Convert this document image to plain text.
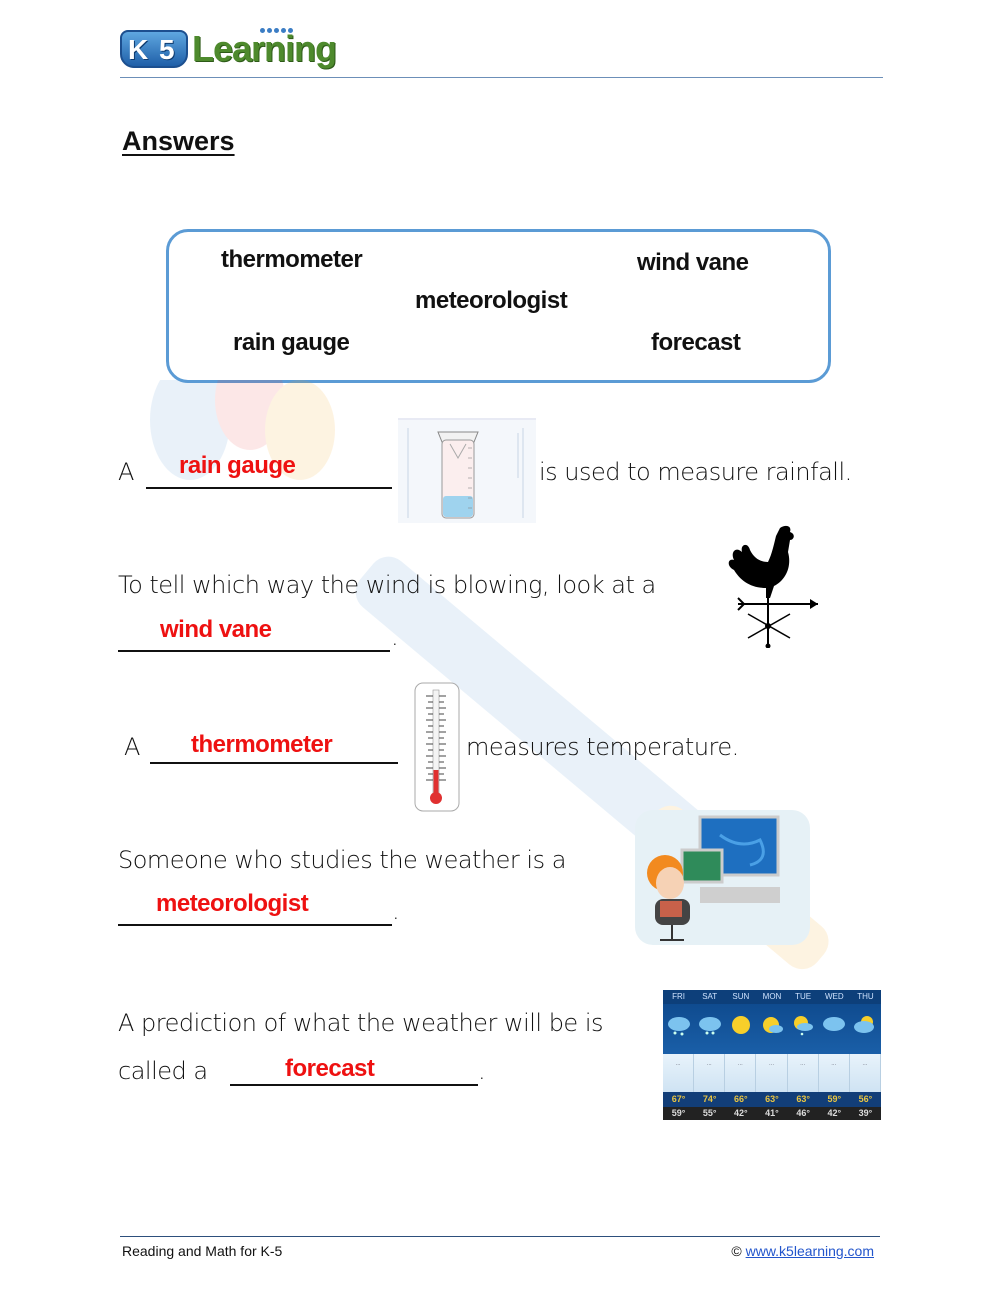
K 5 Learning
Answers
thermometer	wind vane
meteorologist
rain gauge	forecast
A rain gauge	is used to measure rainfall.
To tell which way the wind is blowing, look at a
wind vane	.
A thermometer	measures temperature.
Someone who studies the weather is a
meteorologist	.
A prediction of what the weather will be is
called a	forecast	.
FRI	SAT	SUN	MON	TUE	WED	THU
···	···	···	···	···	···	···
67°	74°	66°	63°	63°	59°	56°
59°	55°	42°	41°	46°	42°	39°
Reading and Math for K-5	© www.k5learning.com
